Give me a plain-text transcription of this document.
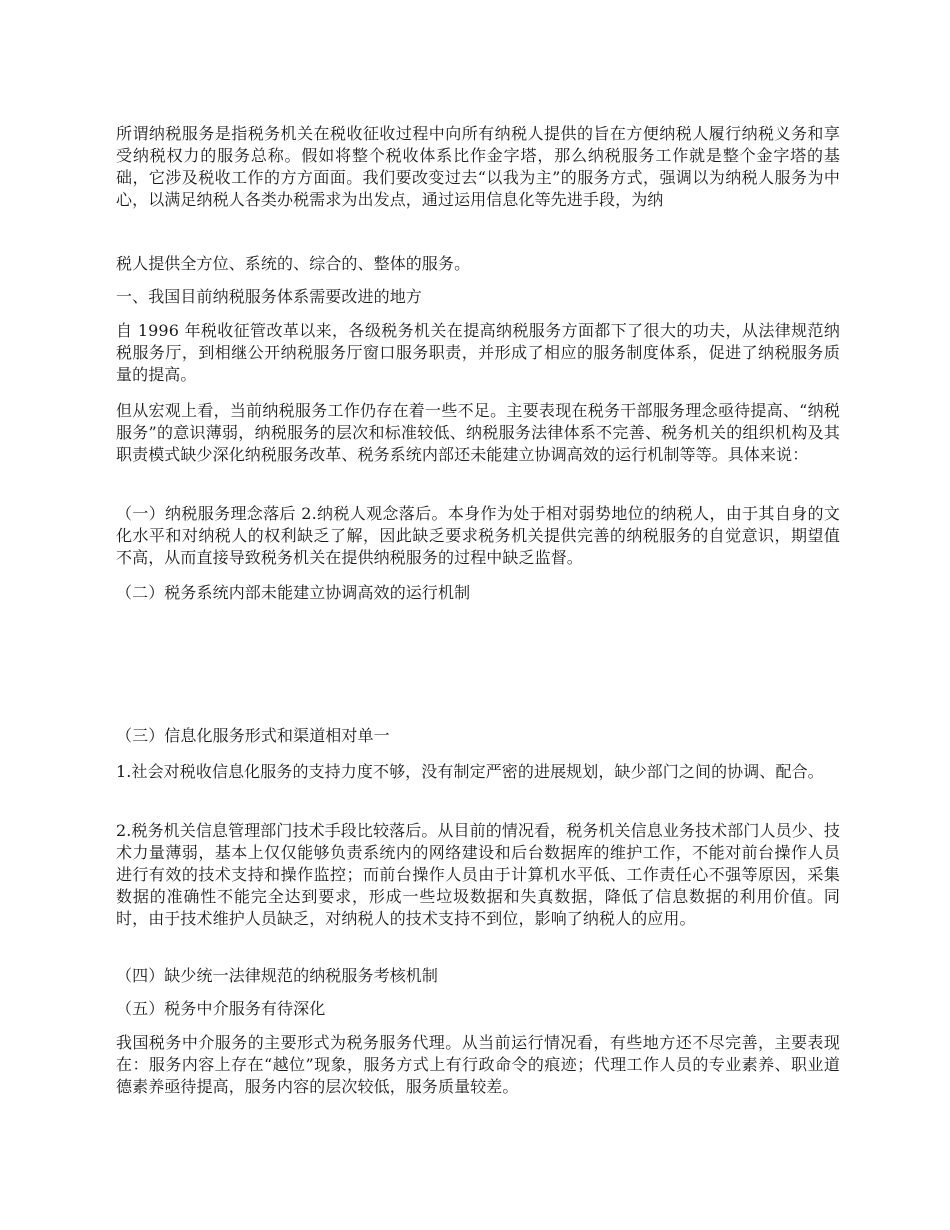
所谓纳税服务是指税务机关在税收征收过程中向所有纳税人提供的旨在方便纳税人履行纳税义务和享受纳税权力的服务总称。假如将整个税收体系比作金字塔，那么纳税服务工作就是整个金字塔的基础，它涉及税收工作的方方面面。我们要改变过去“以我为主”的服务方式，强调以为纳税人服务为中心，以满足纳税人各类办税需求为出发点，通过运用信息化等先进手段，为纳

税人提供全方位、系统的、综合的、整体的服务。

一、我国目前纳税服务体系需要改进的地方

自 1996 年税收征管改革以来，各级税务机关在提高纳税服务方面都下了很大的功夫，从法律规范纳税服务厅，到相继公开纳税服务厅窗口服务职责，并形成了相应的服务制度体系，促进了纳税服务质量的提高。

但从宏观上看，当前纳税服务工作仍存在着一些不足。主要表现在税务干部服务理念亟待提高、“纳税服务”的意识薄弱，纳税服务的层次和标准较低、纳税服务法律体系不完善、税务机关的组织机构及其职责模式缺少深化纳税服务改革、税务系统内部还未能建立协调高效的运行机制等等。具体来说：

（一）纳税服务理念落后 2.纳税人观念落后。本身作为处于相对弱势地位的纳税人，由于其自身的文化水平和对纳税人的权利缺乏了解，因此缺乏要求税务机关提供完善的纳税服务的自觉意识，期望值不高，从而直接导致税务机关在提供纳税服务的过程中缺乏监督。

（二）税务系统内部未能建立协调高效的运行机制

（三）信息化服务形式和渠道相对单一

1.社会对税收信息化服务的支持力度不够，没有制定严密的进展规划，缺少部门之间的协调、配合。

2.税务机关信息管理部门技术手段比较落后。从目前的情况看，税务机关信息业务技术部门人员少、技术力量薄弱，基本上仅仅能够负责系统内的网络建设和后台数据库的维护工作，不能对前台操作人员进行有效的技术支持和操作监控；而前台操作人员由于计算机水平低、工作责任心不强等原因，采集数据的准确性不能完全达到要求，形成一些垃圾数据和失真数据，降低了信息数据的利用价值。同时，由于技术维护人员缺乏，对纳税人的技术支持不到位，影响了纳税人的应用。

（四）缺少统一法律规范的纳税服务考核机制

（五）税务中介服务有待深化

我国税务中介服务的主要形式为税务服务代理。从当前运行情况看，有些地方还不尽完善，主要表现在：服务内容上存在“越位”现象，服务方式上有行政命令的痕迹；代理工作人员的专业素养、职业道德素养亟待提高，服务内容的层次较低，服务质量较差。
